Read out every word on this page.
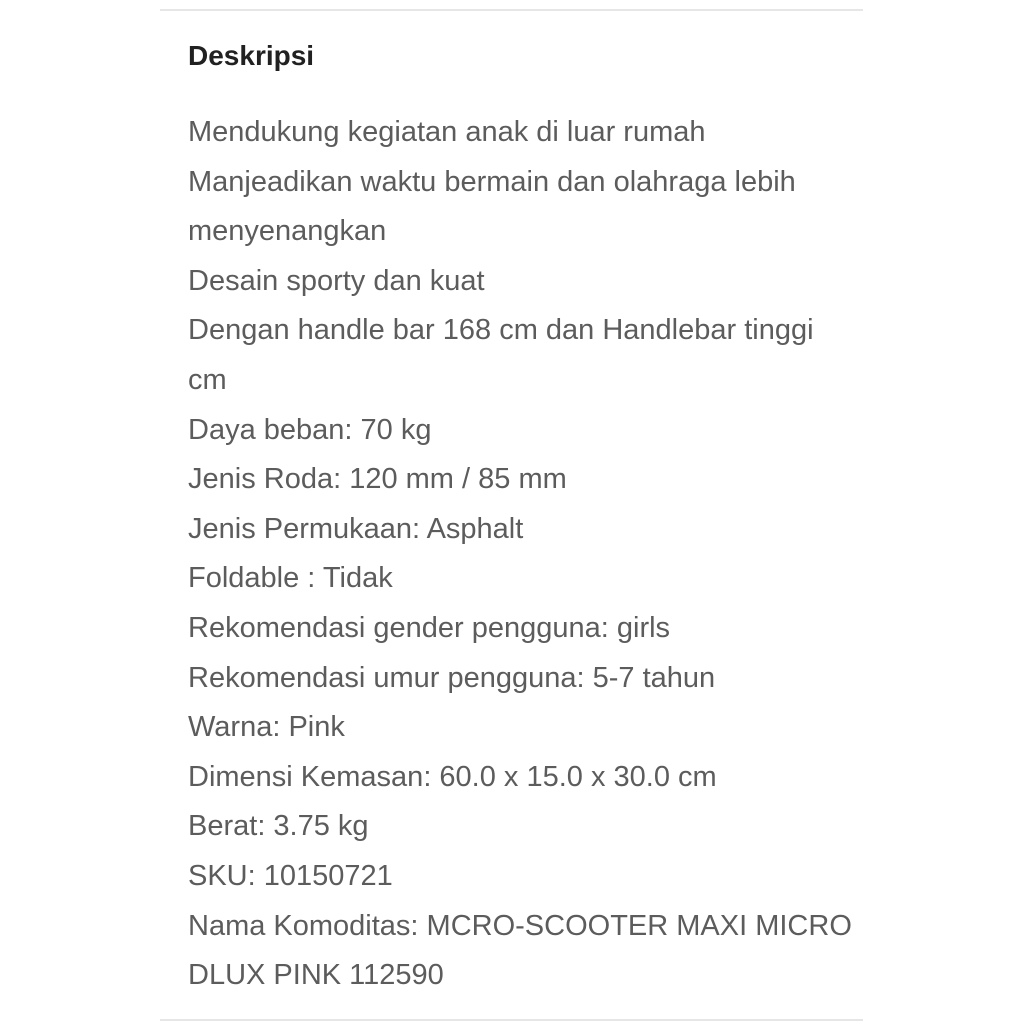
Deskripsi
Mendukung kegiatan anak di luar rumah
Manjeadikan waktu bermain dan olahraga lebih
menyenangkan
Desain sporty dan kuat
Dengan handle bar 168 cm dan Handlebar tinggi
cm
Daya beban: 70 kg
Jenis Roda: 120 mm / 85 mm
Jenis Permukaan: Asphalt
Foldable : Tidak
Rekomendasi gender pengguna: girls
Rekomendasi umur pengguna: 5-7 tahun
Warna: Pink
Dimensi Kemasan: 60.0 x 15.0 x 30.0 cm
Berat: 3.75 kg
SKU: 10150721
Nama Komoditas: MCRO-SCOOTER MAXI MICRO
DLUX PINK 112590
